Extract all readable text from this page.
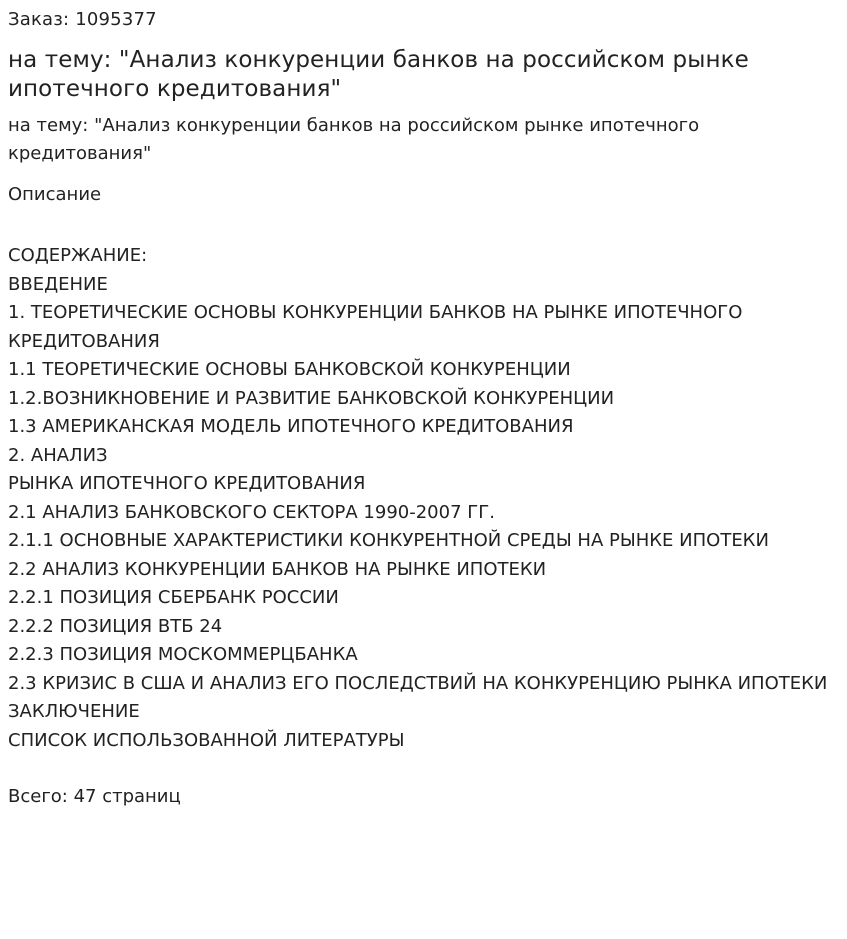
Заказ: 1095377
на тему: "Анализ конкуренции банков на российском рынке ипотечного кредитования"
на тему: "Анализ конкуренции банков на российском рынке ипотечного кредитования"
Описание
СОДЕРЖАНИЕ:
ВВЕДЕНИЕ
1. ТЕОРЕТИЧЕСКИЕ ОСНОВЫ КОНКУРЕНЦИИ БАНКОВ НА РЫНКЕ ИПОТЕЧНОГО КРЕДИТОВАНИЯ
1.1 ТЕОРЕТИЧЕСКИЕ ОСНОВЫ БАНКОВСКОЙ КОНКУРЕНЦИИ
1.2.ВОЗНИКНОВЕНИЕ И РАЗВИТИЕ БАНКОВСКОЙ КОНКУРЕНЦИИ
1.3 АМЕРИКАНСКАЯ МОДЕЛЬ ИПОТЕЧНОГО КРЕДИТОВАНИЯ
2. АНАЛИЗ
РЫНКА ИПОТЕЧНОГО КРЕДИТОВАНИЯ
2.1 АНАЛИЗ БАНКОВСКОГО СЕКТОРА 1990-2007 ГГ.
2.1.1 ОСНОВНЫЕ ХАРАКТЕРИСТИКИ КОНКУРЕНТНОЙ СРЕДЫ НА РЫНКЕ ИПОТЕКИ
2.2 АНАЛИЗ КОНКУРЕНЦИИ БАНКОВ НА РЫНКЕ ИПОТЕКИ
2.2.1 ПОЗИЦИЯ СБЕРБАНК РОССИИ
2.2.2 ПОЗИЦИЯ ВТБ 24
2.2.3 ПОЗИЦИЯ МОСКОММЕРЦБАНКА
2.3 КРИЗИС В США И АНАЛИЗ ЕГО ПОСЛЕДСТВИЙ НА КОНКУРЕНЦИЮ РЫНКА ИПОТЕКИ
ЗАКЛЮЧЕНИЕ
СПИСОК ИСПОЛЬЗОВАННОЙ ЛИТЕРАТУРЫ
Всего: 47 страниц
